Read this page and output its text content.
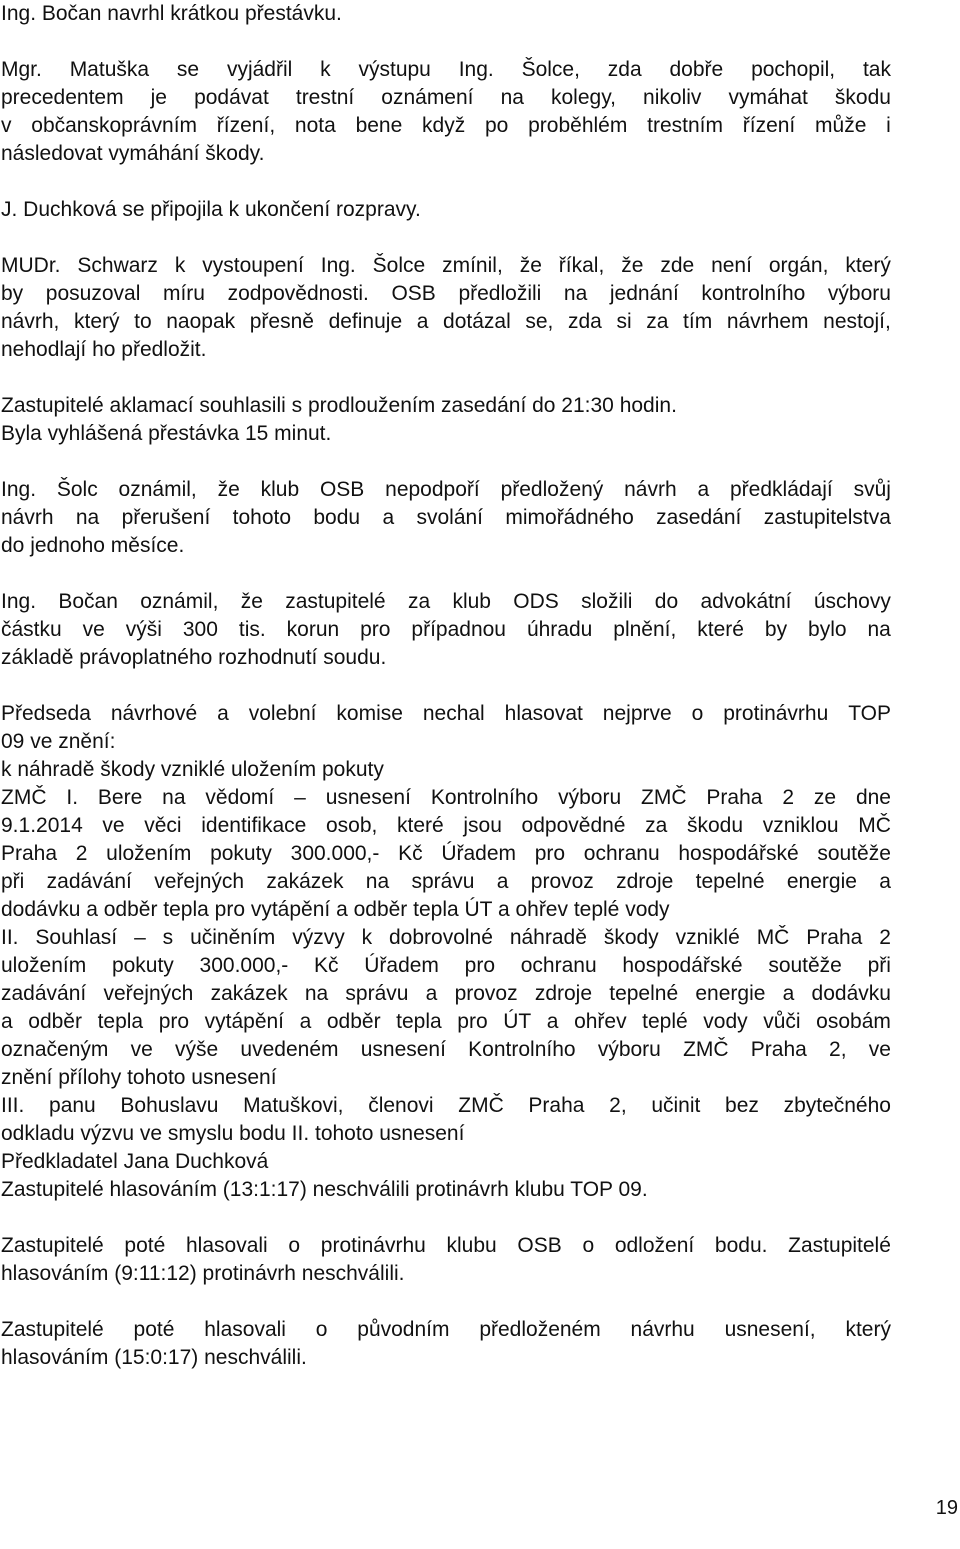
Ing. Bočan navrhl krátkou přestávku.
Mgr. Matuška se vyjádřil k výstupu Ing. Šolce, zda dobře pochopil, tak
precedentem je podávat trestní oznámení na kolegy, nikoliv vymáhat škodu
v občanskoprávním řízení, nota bene když po proběhlém trestním řízení může i
následovat vymáhání škody.
J. Duchková se připojila k ukončení rozpravy.
MUDr. Schwarz k vystoupení Ing. Šolce zmínil, že říkal, že zde není orgán, který
by posuzoval míru zodpovědnosti. OSB předložili na jednání kontrolního výboru
návrh, který to naopak přesně definuje a dotázal se, zda si za tím návrhem nestojí,
nehodlají ho předložit.
Zastupitelé aklamací souhlasili s prodloužením zasedání do 21:30 hodin.
Byla vyhlášená přestávka 15 minut.
Ing. Šolc oznámil, že klub OSB nepodpoří předložený návrh a předkládají svůj
návrh na přerušení tohoto bodu a svolání mimořádného zasedání zastupitelstva
do jednoho měsíce.
Ing. Bočan oznámil, že zastupitelé za klub ODS složili do advokátní úschovy
částku ve výši 300 tis. korun pro případnou úhradu plnění, které by bylo na
základě právoplatného rozhodnutí soudu.
Předseda návrhové a volební komise nechal hlasovat nejprve o protinávrhu TOP
09 ve znění:
k náhradě škody vzniklé uložením pokuty
ZMČ I. Bere na vědomí – usnesení Kontrolního výboru ZMČ Praha 2 ze dne
9.1.2014 ve věci identifikace osob, které jsou odpovědné za škodu vzniklou MČ
Praha 2 uložením pokuty 300.000,- Kč Úřadem pro ochranu hospodářské soutěže
při zadávání veřejných zakázek na správu a provoz zdroje tepelné energie a
dodávku a odběr tepla pro vytápění a odběr tepla ÚT a ohřev teplé vody
II. Souhlasí – s učiněním výzvy k dobrovolné náhradě škody vzniklé MČ Praha 2
uložením pokuty 300.000,- Kč Úřadem pro ochranu hospodářské soutěže při
zadávání veřejných zakázek na správu a provoz zdroje tepelné energie a dodávku
a odběr tepla pro vytápění a odběr tepla pro ÚT a ohřev teplé vody vůči osobám
označeným ve výše uvedeném usnesení Kontrolního výboru ZMČ Praha 2, ve
znění přílohy tohoto usnesení
III. panu Bohuslavu Matuškovi, členovi ZMČ Praha 2, učinit bez zbytečného
odkladu výzvu ve smyslu bodu II. tohoto usnesení
Předkladatel Jana Duchková
Zastupitelé hlasováním (13:1:17) neschválili protinávrh klubu TOP 09.
Zastupitelé poté hlasovali o protinávrhu klubu OSB o odložení bodu. Zastupitelé
hlasováním (9:11:12) protinávrh neschválili.
Zastupitelé poté hlasovali o původním předloženém návrhu usnesení, který
hlasováním (15:0:17) neschválili.
19
